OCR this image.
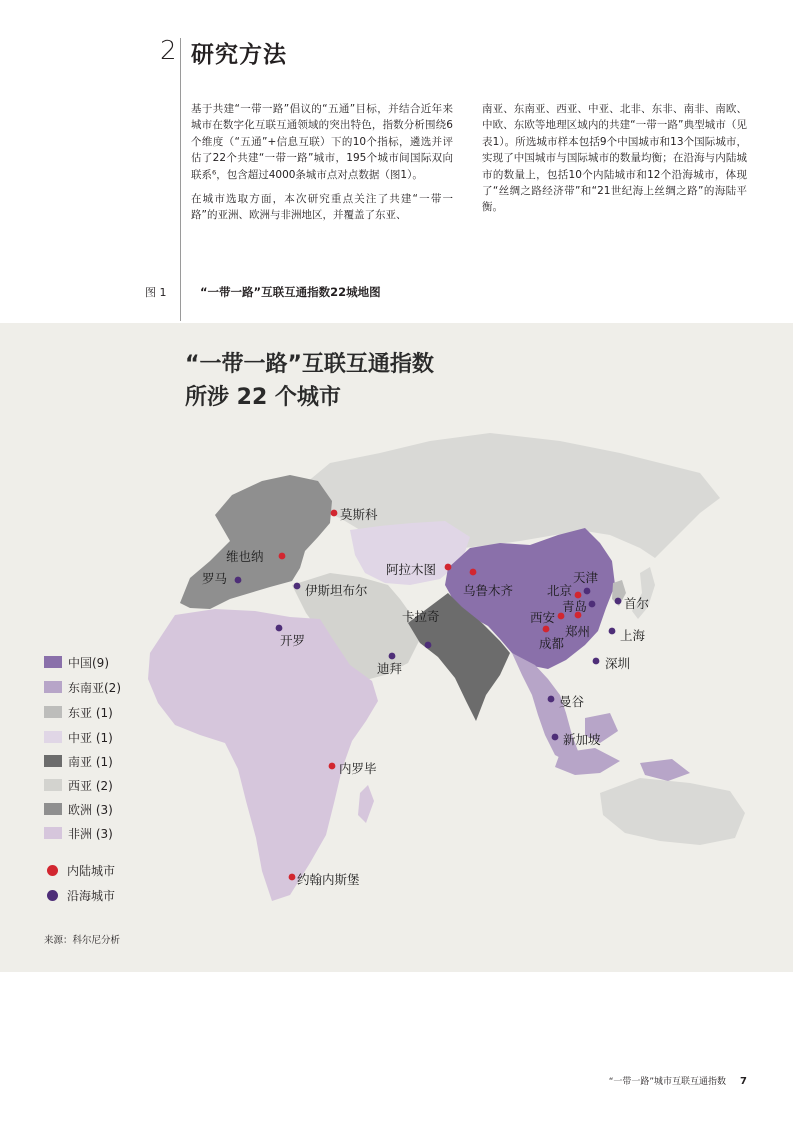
2 研究方法

基于共建“一带一路”倡议的“五通”目标，并结合近年来城市在数字化互联互通领域的突出特色，指数分析围绕6个维度（“五通”+信息互联）下的10个指标，遴选并评估了22个共建“一带一路”城市，195个城市间国际双向联系⁶，包含超过4000条城市点对点数据（图1）。

在城市选取方面，本次研究重点关注了共建“一带一路”的亚洲、欧洲与非洲地区，并覆盖了东亚、

南亚、东南亚、西亚、中亚、北非、东非、南非、南欧、中欧、东欧等地理区域内的共建“一带一路”典型城市（见表1）。所选城市样本包括9个中国城市和13个国际城市，实现了中国城市与国际城市的数量均衡；在沿海与内陆城市的数量上，包括10个内陆城市和12个沿海城市，体现了“丝绸之路经济带”和“21世纪海上丝绸之路”的海陆平衡。

图 1	“一带一路”互联互通指数22城地图
“一带一路”互联互通指数
所涉 22 个城市
莫斯科
维也纳
罗马
伊斯坦布尔
开罗
阿拉木图
乌鲁木齐
卡拉奇
迪拜
内罗毕
约翰内斯堡
北京
天津
青岛	首尔
西安
郑州
成都
上海
深圳
曼谷
新加坡
中国(9)
东南亚(2)
东亚 (1)
中亚 (1)
南亚 (1)
西亚 (2)
欧洲 (3)
非洲 (3)
内陆城市
沿海城市
来源：科尔尼分析
“一带一路”城市互联互通指数 7
